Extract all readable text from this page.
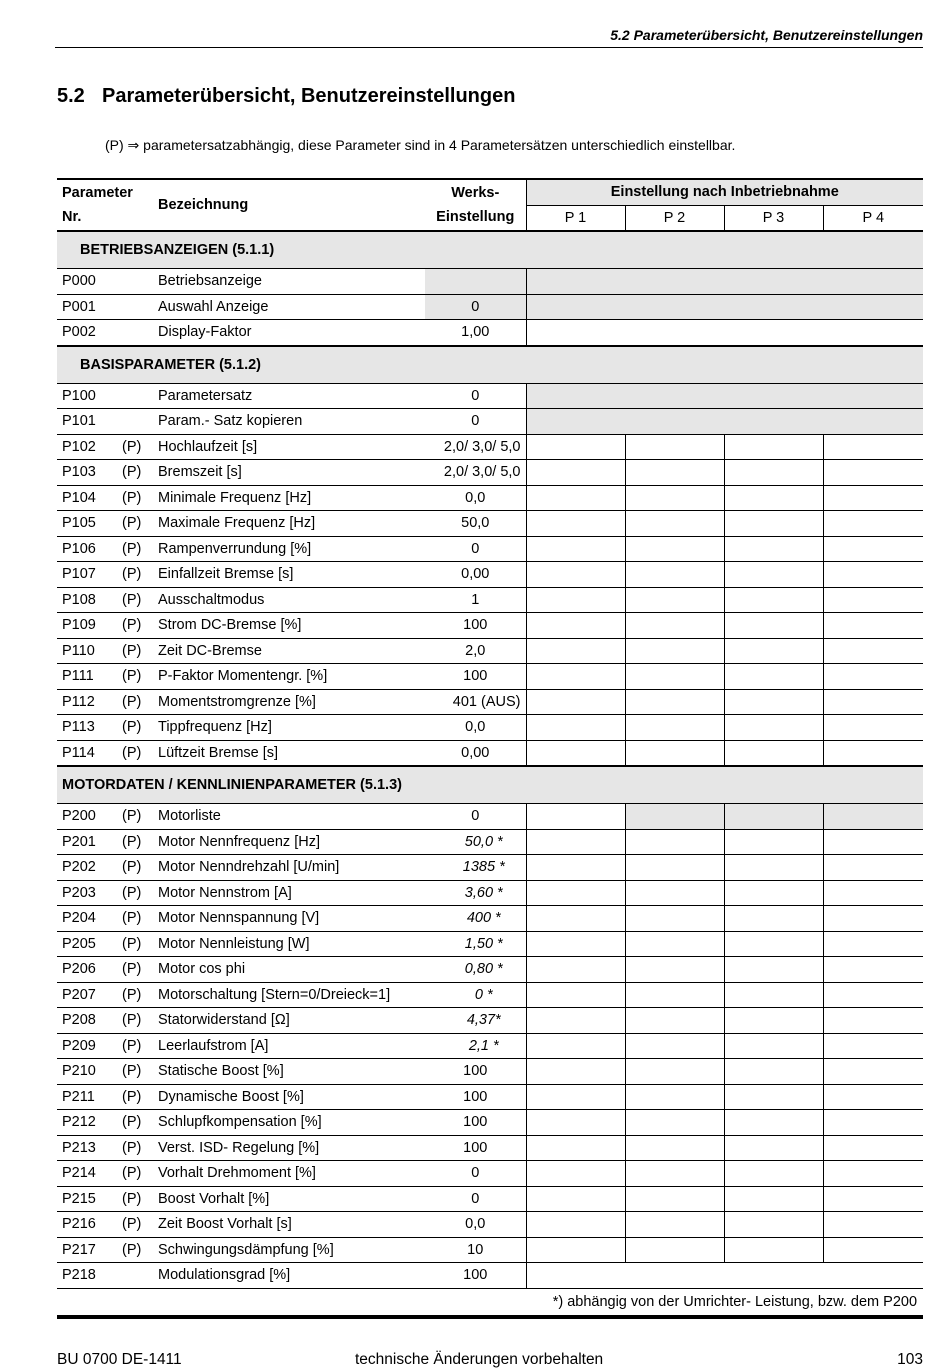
5.2 Parameterübersicht, Benutzereinstellungen
5.2 Parameterübersicht, Benutzereinstellungen
(P) ⇒ parametersatzabhängig, diese Parameter sind in 4 Parametersätzen unterschiedlich einstellbar.
Parameter
Nr.		Bezeichnung	Werks-
Einstellung	Einstellung nach Inbetriebnahme			
				P 1	P 2	P 3	P 4
BETRIEBSANZEIGEN (5.1.1)							
P000		Betriebsanzeige					
P001		Auswahl Anzeige	0				
P002		Display-Faktor	1,00				
BASISPARAMETER (5.1.2)							
P100		Parametersatz	0				
P101		Param.- Satz kopieren	0				
P102	(P)	Hochlaufzeit [s]	2,0/ 3,0/ 5,0				
P103	(P)	Bremszeit [s]	2,0/ 3,0/ 5,0				
P104	(P)	Minimale Frequenz [Hz]	0,0				
P105	(P)	Maximale Frequenz [Hz]	50,0				
P106	(P)	Rampenverrundung [%]	0				
P107	(P)	Einfallzeit Bremse [s]	0,00				
P108	(P)	Ausschaltmodus	1				
P109	(P)	Strom DC-Bremse [%]	100				
P110	(P)	Zeit DC-Bremse	2,0				
P111	(P)	P-Faktor Momentengr. [%]	100				
P112	(P)	Momentstromgrenze [%]	401 (AUS)				
P113	(P)	Tippfrequenz [Hz]	0,0				
P114	(P)	Lüftzeit Bremse [s]	0,00				
MOTORDATEN / KENNLINIENPARAMETER (5.1.3)							
P200	(P)	Motorliste	0				
P201	(P)	Motor Nennfrequenz [Hz]	50,0 *				
P202	(P)	Motor Nenndrehzahl [U/min]	1385 *				
P203	(P)	Motor Nennstrom [A]	3,60 *				
P204	(P)	Motor Nennspannung [V]	400 *				
P205	(P)	Motor Nennleistung [W]	1,50 *				
P206	(P)	Motor cos phi	0,80 *				
P207	(P)	Motorschaltung [Stern=0/Dreieck=1]	0 *				
P208	(P)	Statorwiderstand [Ω]	4,37*				
P209	(P)	Leerlaufstrom [A]	2,1 *				
P210	(P)	Statische Boost [%]	100				
P211	(P)	Dynamische Boost [%]	100				
P212	(P)	Schlupfkompensation [%]	100				
P213	(P)	Verst. ISD- Regelung [%]	100				
P214	(P)	Vorhalt Drehmoment [%]	0				
P215	(P)	Boost Vorhalt [%]	0				
P216	(P)	Zeit Boost Vorhalt [s]	0,0				
P217	(P)	Schwingungsdämpfung [%]	10				
P218		Modulationsgrad [%]	100				
*) abhängig von der Umrichter- Leistung, bzw. dem P200							
BU 0700 DE-1411	technische Änderungen vorbehalten	103
